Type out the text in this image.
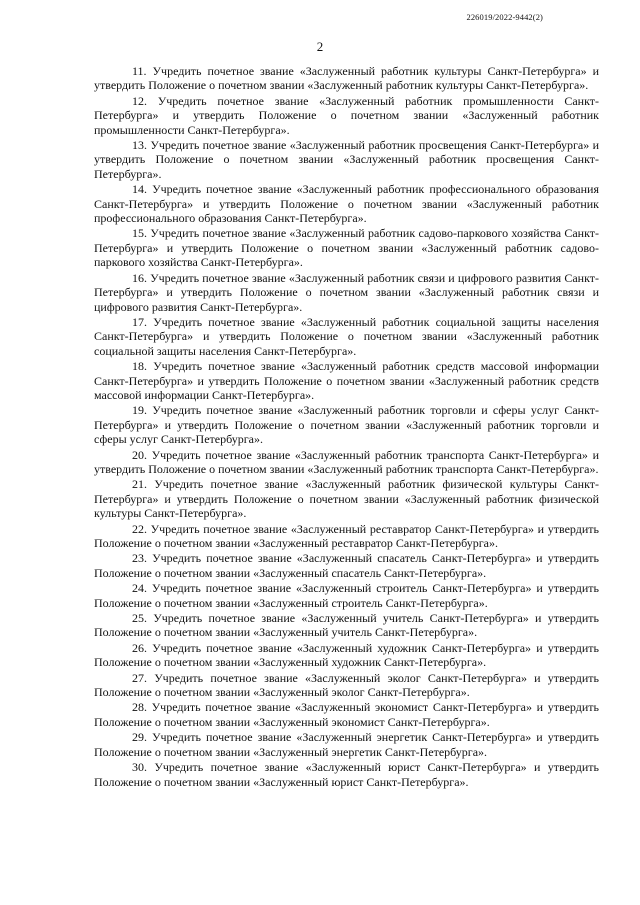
226019/2022-9442(2)
2

11. Учредить почетное звание «Заслуженный работник культуры Санкт-Петербурга» и утвердить Положение о почетном звании «Заслуженный работник культуры Санкт-Петербурга».

12. Учредить почетное звание «Заслуженный работник промышленности Санкт-Петербурга» и утвердить Положение о почетном звании «Заслуженный работник промышленности Санкт-Петербурга».

13. Учредить почетное звание «Заслуженный работник просвещения Санкт-Петербурга» и утвердить Положение о почетном звании «Заслуженный работник просвещения Санкт-Петербурга».

14. Учредить почетное звание «Заслуженный работник профессионального образования Санкт-Петербурга» и утвердить Положение о почетном звании «Заслуженный работник профессионального образования Санкт-Петербурга».

15. Учредить почетное звание «Заслуженный работник садово-паркового хозяйства Санкт-Петербурга» и утвердить Положение о почетном звании «Заслуженный работник садово-паркового хозяйства Санкт-Петербурга».

16. Учредить почетное звание «Заслуженный работник связи и цифрового развития Санкт-Петербурга» и утвердить Положение о почетном звании «Заслуженный работник связи и цифрового развития Санкт-Петербурга».

17. Учредить почетное звание «Заслуженный работник социальной защиты населения Санкт-Петербурга» и утвердить Положение о почетном звании «Заслуженный работник социальной защиты населения Санкт-Петербурга».

18. Учредить почетное звание «Заслуженный работник средств массовой информации Санкт-Петербурга» и утвердить Положение о почетном звании «Заслуженный работник средств массовой информации Санкт-Петербурга».

19. Учредить почетное звание «Заслуженный работник торговли и сферы услуг Санкт-Петербурга» и утвердить Положение о почетном звании «Заслуженный работник торговли и сферы услуг Санкт-Петербурга».

20. Учредить почетное звание «Заслуженный работник транспорта Санкт-Петербурга» и утвердить Положение о почетном звании «Заслуженный работник транспорта Санкт-Петербурга».

21. Учредить почетное звание «Заслуженный работник физической культуры Санкт-Петербурга» и утвердить Положение о почетном звании «Заслуженный работник физической культуры Санкт-Петербурга».

22. Учредить почетное звание «Заслуженный реставратор Санкт-Петербурга» и утвердить Положение о почетном звании «Заслуженный реставратор Санкт-Петербурга».

23. Учредить почетное звание «Заслуженный спасатель Санкт-Петербурга» и утвердить Положение о почетном звании «Заслуженный спасатель Санкт-Петербурга».

24. Учредить почетное звание «Заслуженный строитель Санкт-Петербурга» и утвердить Положение о почетном звании «Заслуженный строитель Санкт-Петербурга».

25. Учредить почетное звание «Заслуженный учитель Санкт-Петербурга» и утвердить Положение о почетном звании «Заслуженный учитель Санкт-Петербурга».

26. Учредить почетное звание «Заслуженный художник Санкт-Петербурга» и утвердить Положение о почетном звании «Заслуженный художник Санкт-Петербурга».

27. Учредить почетное звание «Заслуженный эколог Санкт-Петербурга» и утвердить Положение о почетном звании «Заслуженный эколог Санкт-Петербурга».

28. Учредить почетное звание «Заслуженный экономист Санкт-Петербурга» и утвердить Положение о почетном звании «Заслуженный экономист Санкт-Петербурга».

29. Учредить почетное звание «Заслуженный энергетик Санкт-Петербурга» и утвердить Положение о почетном звании «Заслуженный энергетик Санкт-Петербурга».

30. Учредить почетное звание «Заслуженный юрист Санкт-Петербурга» и утвердить Положение о почетном звании «Заслуженный юрист Санкт-Петербурга».
